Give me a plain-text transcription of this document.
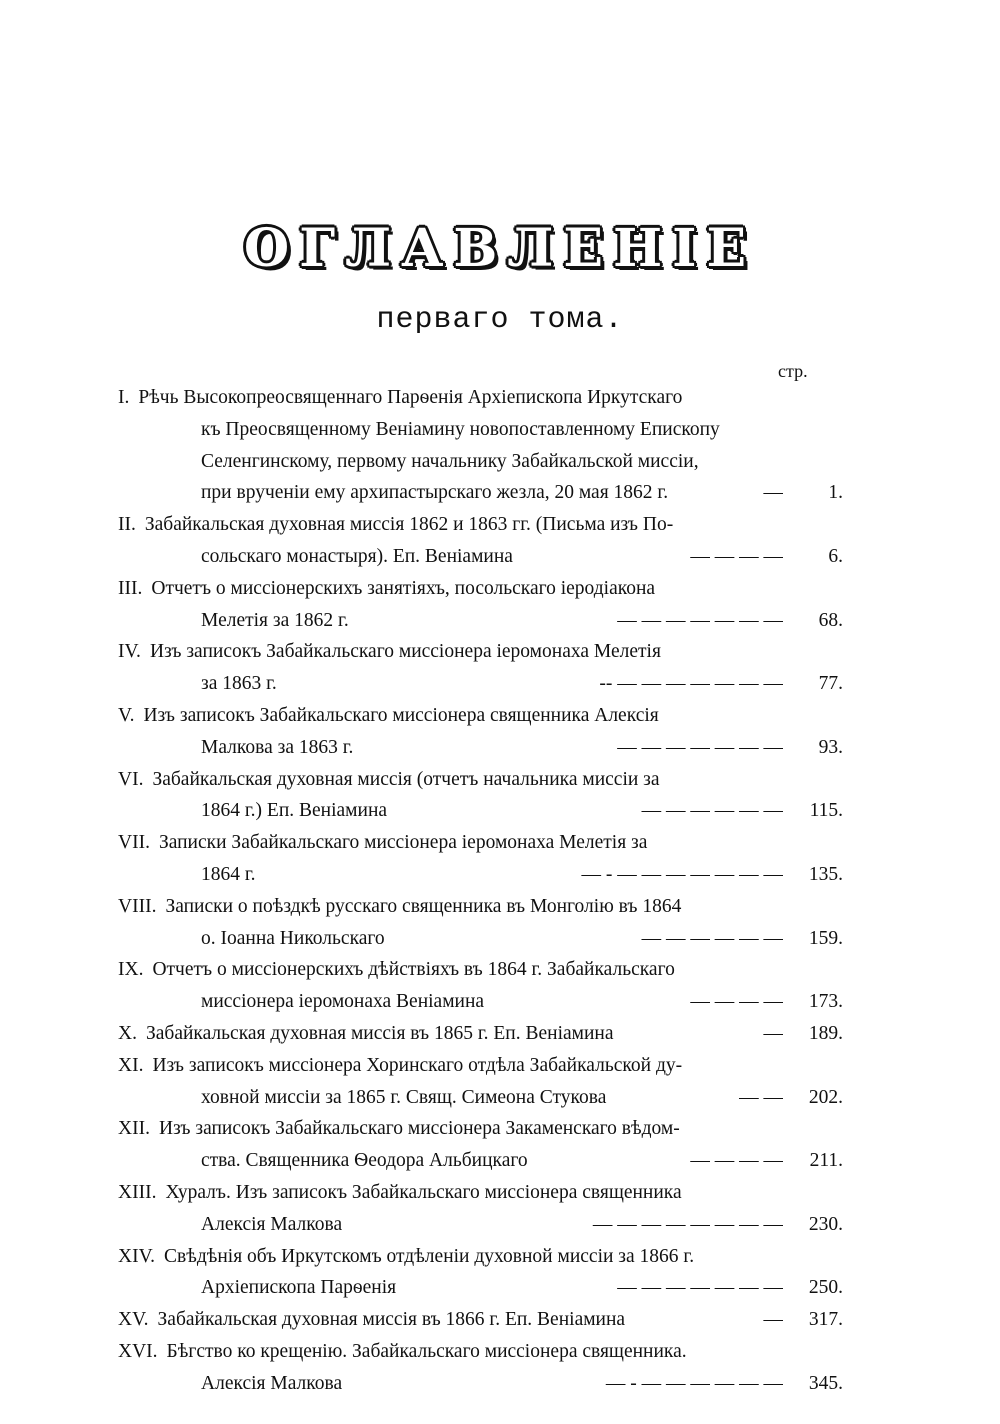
ОГЛАВЛЕНІЕ
перваго тома.
стр.
I. Рѣчь Высокопреосвященнаго Парѳенія Архіепископа Иркутскаго
къ Преосвященному Веніамину новопоставленному Епископу
Селенгинскому, первому начальнику Забайкальской миссіи,
при врученіи ему архипастырскаго жезла, 20 мая 1862 г.	—	1.
II. Забайкальская духовная миссія 1862 и 1863 гг. (Письма изъ По-
сольскаго монастыря). Еп. Веніамина	— — — —	6.
III. Отчетъ о миссіонерскихъ занятіяхъ, посольскаго іеродіакона
Мелетія за 1862 г.	— — — — — — —	68.
IV. Изъ записокъ Забайкальскаго миссіонера іеромонаха Мелетія
за 1863 г.	-- — — — — — — —	77.
V. Изъ записокъ Забайкальскаго миссіонера священника Алексія
Малкова за 1863 г.	— — — — — — —	93.
VI. Забайкальская духовная миссія (отчетъ начальника миссіи за
1864 г.) Еп. Веніамина	— — — — — —	115.
VII. Записки Забайкальскаго миссіонера іеромонаха Мелетія за
1864 г.	— - — — — — — — —	135.
VIII. Записки о поѣздкѣ русскаго священника въ Монголію въ 1864
о. Іоанна Никольскаго	— — — — — —	159.
IX. Отчетъ о миссіонерскихъ дѣйствіяхъ въ 1864 г. Забайкальскаго
миссіонера іеромонаха Веніамина	— — — —	173.
X. Забайкальская духовная миссія въ 1865 г. Еп. Веніамина	—	189.
XI. Изъ записокъ миссіонера Хоринскаго отдѣла Забайкальской ду-
ховной миссіи за 1865 г. Свящ. Симеона Стукова	— —	202.
XII. Изъ записокъ Забайкальскаго миссіонера Закаменскаго вѣдом-
ства. Священника Ѳеодора Альбицкаго	— — — —	211.
XIII. Хуралъ. Изъ записокъ Забайкальскаго миссіонера священника
Алексія Малкова	— — — — — — — —	230.
XIV. Свѣдѣнія объ Иркутскомъ отдѣленіи духовной миссіи за 1866 г.
Архіепископа Парѳенія	— — — — — — —	250.
XV. Забайкальская духовная миссія въ 1866 г. Еп. Веніамина	—	317.
XVI. Бѣгство ко крещенію. Забайкальскаго миссіонера священника.
Алексія Малкова	— - — — — — — —	345.
